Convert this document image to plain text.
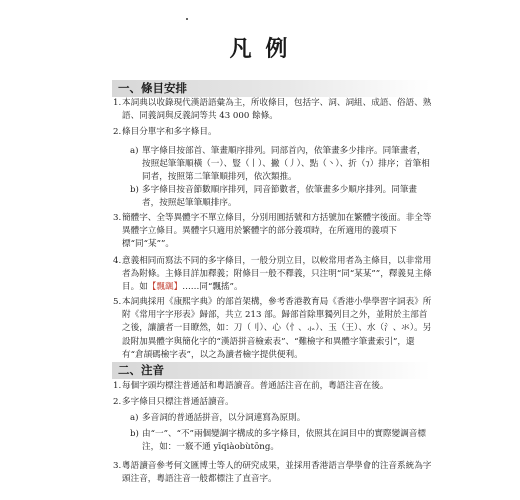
凡 例
一、條目安排
1. 本詞典以收錄現代漢語語彙為主，所收條目，包括字、詞、詞組、成語、俗語、熟語、同義詞與反義詞等共 43 000 餘條。
2. 條目分單字和多字條目。
a) 單字條目按部首、筆畫順序排列。同部首內，依筆畫多少排序。同筆畫者，按照起筆筆順橫（一）、豎（丨）、撇（丿）、點（丶）、折（⁊）排序；首筆相同者，按照第二筆筆順排列，依次類推。
b) 多字條目按音節數順序排列，同音節數者，依筆畫多少順序排列。同筆畫者，按照起筆筆順排序。
3. 簡體字、全等異體字不單立條目，分別用圓括號和方括號加在繁體字後面。非全等異體字立條目。異體字只適用於繁體字的部分義項時，在所適用的義項下標“同“某””。
4. 意義相同而寫法不同的多字條目，一般分別立目，以較常用者為主條目，以非常用者為附條。主條目詳加釋義；附條目一般不釋義，只注明“同“某某””，釋義見主條目。如【飄颻】……同“飄搖”。
5. 本詞典採用《康熙字典》的部首架構，參考香港教育局《香港小學學習字詞表》所附《常用字字形表》歸部，共立 213 部。歸部首除單獨列目之外，並附於主部首之後，讓讀者一目瞭然，如：刀（刂）、心（忄、⺗）、玉（王）、水（氵、氺）。另設附加異體字與簡化字的“漢語拼音檢索表”、“難檢字和異體字筆畫索引”，還有“倉頡碼檢字表”，以之為讀者檢字提供便利。
二、注音
1. 每個字頭均標注普通話和粵語讀音。普通話注音在前，粵語注音在後。
2. 多字條目只標注普通話讀音。
a) 多音詞的普通話拼音，以分詞連寫為原則。
b) 由“一”、“不”兩個變調字構成的多字條目，依照其在詞目中的實際變調音標注，如：一竅不通 yīqiàobùtōng。
3. 粵語讀音參考何文匯博士等人的研究成果，並採用香港語言學學會的注音系統為字頭注音，粵語注音一般都標注了直音字。
